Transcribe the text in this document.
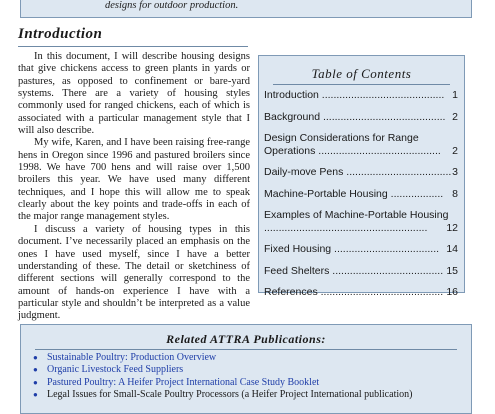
designs for outdoor production.
Introduction

In this document, I will describe housing designs that give chickens access to green plants in yards or pastures, as opposed to confinement or bare-yard systems. There are a variety of housing styles commonly used for ranged chickens, each of which is associated with a particular management style that I will also describe.

My wife, Karen, and I have been raising free-range hens in Oregon since 1996 and pastured broilers since 1998. We have 700 hens and will raise over 1,500 broilers this year. We have used many different techniques, and I hope this will allow me to speak clearly about the key points and trade-offs in each of the major range management styles.

I discuss a variety of housing types in this document. I’ve necessarily placed an emphasis on the ones I have used myself, since I have a better understanding of these. The detail or sketchiness of different sections will generally correspond to the amount of hands-on experience I have with a particular style and shouldn’t be interpreted as a value judgment.

Table of Contents
Introduction .......................................... 1
Background .......................................... 2
Design Considerations for Range
Operations ..........................................	2
Daily-move Pens .................................... 3
Machine-Portable Housing .................. 8
Examples of Machine-Portable Housing
........................................................	12
Fixed Housing .................................... 14
Feed Shelters ...................................... 15
References .......................................... 16
Related ATTRA Publications:
● Sustainable Poultry: Production Overview
● Organic Livestock Feed Suppliers
● Pastured Poultry: A Heifer Project International Case Study Booklet
● Legal Issues for Small-Scale Poultry Processors (a Heifer Project International publication)
